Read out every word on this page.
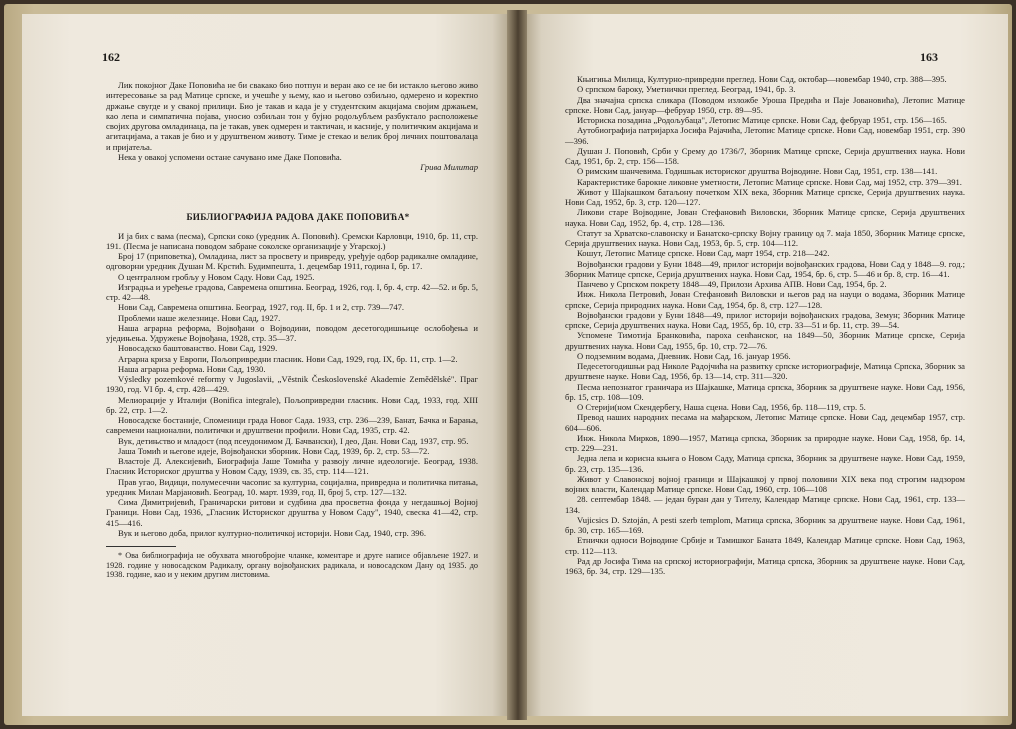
162

Лик покојног Даке Поповића не би свакако био потпун и веран ако се не би истакло његово живо интересовање за рад Матице српске, и учешће у њему, као и његово озбиљно, одмерено и коректно држање свугде и у свакој прилици. Био је такав и када је у студентским акцијама својим држањем, као лепа и симпатична појава, уносио озбиљан тон у бујно родољубљем разбуктало расположење својих другова омладинаца, па је такав, увек одмерен и тактичан, и касније, у политичким акцијама и агитацијама, а такав је био и у друштвеном животу. Тиме је стекао и велик број личних поштовалаца и пријатеља.

Нека у овакој успомени остане сачувано име Даке Поповића.

Грива Милитар

БИБЛИОГРАФИЈА РАДОВА ДАКЕ ПОПОВИЋА*

И ја бих с вама (песма), Српски соко (уредник А. Поповић). Сремски Карловци, 1910, бр. 11, стр. 191. (Песма је написана поводом забране соколске организације у Угарској.)

Број 17 (приповетка), Омладина, лист за просвету и привреду, уређује одбор радикалне омладине, одговорни уредник Душан М. Крстић. Будимпешта, 1. децембар 1911, година I, бр. 17.

О централном гробљу у Новом Саду. Нови Сад, 1925.

Изградња и уређење градова, Савремена општина. Београд, 1926, год. I, бр. 4, стр. 42—52. и бр. 5, стр. 42—48.

Нови Сад, Савремена општина. Београд, 1927, год. II, бр. 1 и 2, стр. 739—747.

Проблеми наше железнице. Нови Сад, 1927.

Наша аграрна реформа, Војвођани о Војводини, поводом десетогодишњице ослобођења и уједињења. Удружење Војвођана, 1928, стр. 35—37.

Новосадско баштованство. Нови Сад, 1929.

Аграрна криза у Европи, Пољопривредни гласник. Нови Сад, 1929, год. IX, бр. 11, стр. 1—2.

Наша аграрна реформа. Нови Сад, 1930.

Výsledky pozemkové reformy v Jugoslavii, „Věstnik Československé Akademie Zemědělské". Праг 1930, год. VI бр. 4, стр. 428—429.

Мелиорације у Италији (Bonifica integrale), Пољопривредни гласник. Нови Сад, 1933, год. XIII бр. 22, стр. 1—2.

Новосадске бостаније, Споменици града Новог Сада. 1933, стр. 236—239, Банат, Бачка и Барања, савремени национални, политички и друштвени профили. Нови Сад, 1935, стр. 42.

Вук, детињство и младост (под псеудонимом Д. Бачвански), I део, Дан. Нови Сад, 1937, стр. 95.

Јаша Томић и његове идеје, Војвођански зборник. Нови Сад, 1939, бр. 2, стр. 53—72.

Властоје Д. Алексијевић, Биографија Јаше Томића у развоју личне идеологије. Београд, 1938. Гласник Историског друштва у Новом Саду, 1939, св. 35, стр. 114—121.

Прав угао, Видици, полумесечни часопис за културна, социјална, привредна и политичка питања, уредник Милан Марјановић. Београд, 10. март. 1939, год. II, број 5, стр. 127—132.

Сима Димитријевић, Граничарски ритови и судбина два просветна фонда у негдашњој Војној Граници. Нови Сад, 1936, „Гласник Историског друштва у Новом Саду", 1940, свеска 41—42, стр. 415—416.

Вук и његово доба, прилог културно-политичкој историји. Нови Сад, 1940, стр. 396.

* Ова библиографија не обухвата многобројне чланке, коментаре и друге написе објављене 1927. и 1928. године у новосадском Радикалу, органу војвођанских радикала, и новосадском Дану од 1935. до 1938. године, као и у неким другим листовима.

163

Књигињa Милица, Културно-привредни преглед. Нови Сад, октобар—новембар 1940, стр. 388—395.

О српском бароку, Уметнички преглед. Београд, 1941, бр. 3.

Два значајна српска сликара (Поводом изложбе Уроша Предића и Паје Јовановића), Летопис Матице српске. Нови Сад, јануар—фебруар 1950, стр. 89—95.

Историска позадина „Родољубаца", Летопис Матице српске. Нови Сад, фебруар 1951, стр. 156—165.

Аутобиографија патријарха Јосифа Рајачића, Летопис Матице српске. Нови Сад, новембар 1951, стр. 390—396.

Душан Ј. Поповић, Срби у Срему до 1736/7, Зборник Матице српске, Серија друштвених наука. Нови Сад, 1951, бр. 2, стр. 156—158.

О римским шанчевима. Годишњак историског друштва Војводине. Нови Сад, 1951, стр. 138—141.

Карактеристике барокне ликовне уметности, Летопис Матице српске. Нови Сад, мај 1952, стр. 379—391.

Живот у Шајкашком батаљону почетком XIX века, Зборник Матице српске, Серија друштвених наука. Нови Сад, 1952, бр. 3, стр. 120—127.

Ликови старе Војводине, Јован Стефановић Виловски, Зборник Матице српске, Серија друштвених наука. Нови Сад, 1952, бр. 4, стр. 128—136.

Статут за Хрватско-славонску и Банатско-српску Војну границу од 7. маја 1850, Зборник Матице српске, Серија друштвених наука. Нови Сад, 1953, бр. 5, стр. 104—112.

Кошут, Летопис Матице српске. Нови Сад, март 1954, стр. 218—242.

Војвођански градови у Буни 1848—49, прилог историји војвођанских градова, Нови Сад у 1848—9. год.; Зборник Матице српске, Серија друштвених наука. Нови Сад, 1954, бр. 6, стр. 5—46 и бр. 8, стр. 16—41.

Панчево у Српском покрету 1848—49, Прилози Архива АПВ. Нови Сад, 1954, бр. 2.

Инж. Никола Петровић, Јован Стефановић Виловски и његов рад на науци о водама, Зборник Матице српске, Серија природних наука. Нови Сад, 1954, бр. 8, стр. 127—128.

Војвођански градови у Буни 1848—49, прилог историји војвођанских градова, Земун; Зборник Матице српске, Серија друштвених наука. Нови Сад, 1955, бр. 10, стр. 33—51 и бр. 11, стр. 39—54.

Успомене Тимотија Бранковића, пароха сенћанског, на 1849—50, Зборник Матице српске, Серија друштвених наука. Нови Сад, 1955, бр. 10, стр. 72—76.

О подземним водама, Дневник. Нови Сад, 16. јануар 1956.

Педесетогодишњи рад Николе Радојчића на развитку српске историографије, Матица Српска, Зборник за друштвене науке. Нови Сад, 1956, бр. 13—14, стр. 311—320.

Песма непознатог граничара из Шајкашке, Матица српска, Зборник за друштвене науке. Нови Сад, 1956, бр. 15, стр. 108—109.

О Стерији(ном Скендербегу, Наша сцена. Нови Сад, 1956, бр. 118—119, стр. 5.

Превод наших народних песама на мађарском, Летопис Матице српске. Нови Сад, децембар 1957, стр. 604—606.

Инж. Никола Мирков, 1890—1957, Матица српска, Зборник за природне науке. Нови Сад, 1958, бр. 14, стр. 229—231.

Једна лепа и корисна књига о Новом Саду, Матица српска, Зборник за друштвене науке. Нови Сад, 1959, бр. 23, стр. 135—136.

Живот у Славонској војној граници и Шајкашкој у првој половини XIX века под строгим надзором војних власти, Календар Матице српске. Нови Сад, 1960, стр. 106—108

28. септембар 1848. — један буран дан у Тителу, Календар Матице српске. Нови Сад, 1961, стр. 133—134.

Vujicsics D. Sztoján, A pesti szerb templom, Матица српска, Зборник за друштвене науке. Нови Сад, 1961, бр. 30, стр. 165—169.

Етнички односи Војводине Србије и Тамишког Баната 1849, Календар Матице српске. Нови Сад, 1963, стр. 112—113.

Рад др Јосифа Тима на српској историографији, Матица српска, Зборник за друштвене науке. Нови Сад, 1963, бр. 34, стр. 129—135.
